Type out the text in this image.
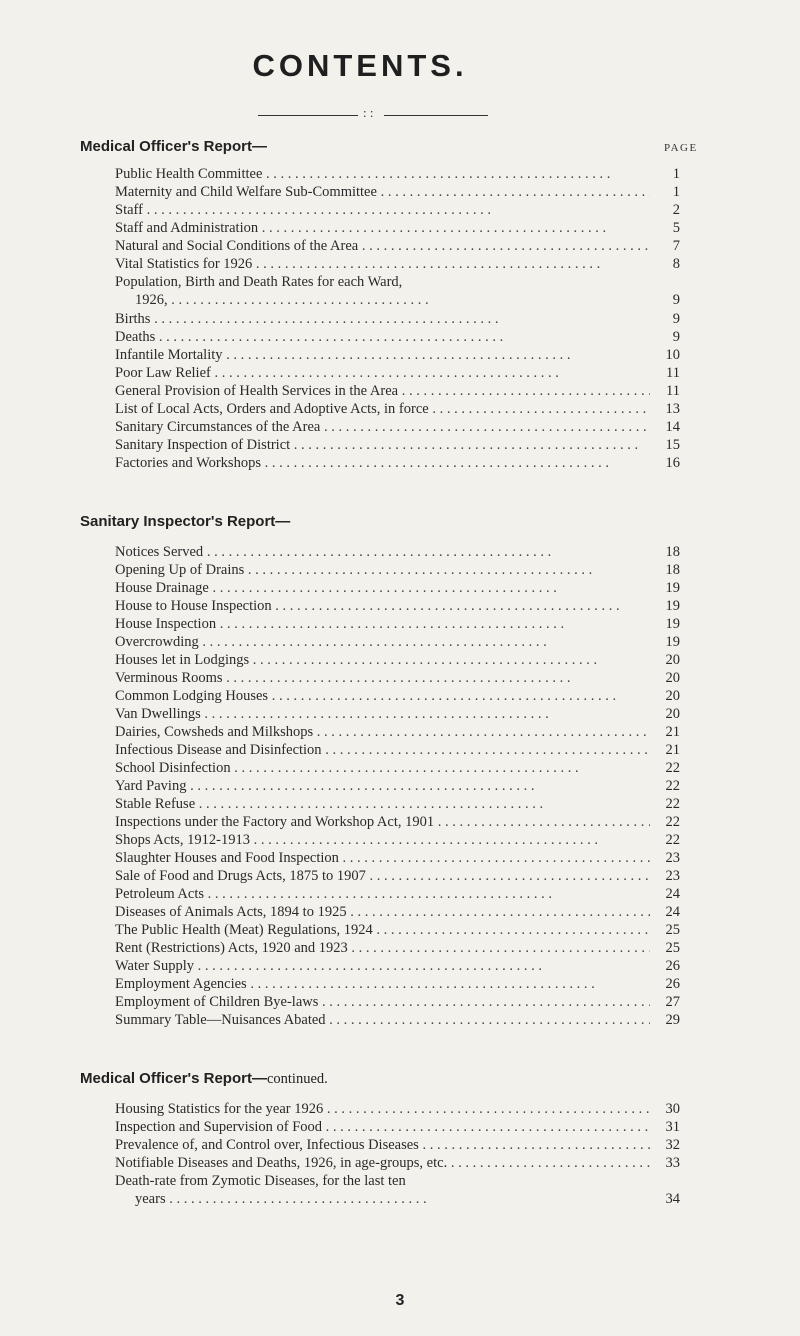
CONTENTS.
: :
PAGE
Medical Officer's Report—
Public Health Committee . . .	1
Maternity and Child Welfare Sub-Committee . . .	1
Staff . . .	2
Staff and Administration . . .	5
Natural and Social Conditions of the Area . . .	7
Vital Statistics for 1926 . . .	8
Population, Birth and Death Rates for each Ward,
1926, . . .	9
Births . . .	9
Deaths . . .	9
Infantile Mortality . . .	10
Poor Law Relief . . .	11
General Provision of Health Services in the Area . . .	11
List of Local Acts, Orders and Adoptive Acts, in force . . .	13
Sanitary Circumstances of the Area . . .	14
Sanitary Inspection of District . . .	15
Factories and Workshops . . .	16
Sanitary Inspector's Report—
Notices Served . . .	18
Opening Up of Drains . . .	18
House Drainage . . .	19
House to House Inspection . . .	19
House Inspection . . .	19
Overcrowding . . .	19
Houses let in Lodgings . . .	20
Verminous Rooms . . .	20
Common Lodging Houses . . .	20
Van Dwellings . . .	20
Dairies, Cowsheds and Milkshops . . .	21
Infectious Disease and Disinfection . . .	21
School Disinfection . . .	22
Yard Paving . . .	22
Stable Refuse . . .	22
Inspections under the Factory and Workshop Act, 1901 . . .	22
Shops Acts, 1912-1913 . . .	22
Slaughter Houses and Food Inspection . . .	23
Sale of Food and Drugs Acts, 1875 to 1907 . . .	23
Petroleum Acts . . .	24
Diseases of Animals Acts, 1894 to 1925 . . .	24
The Public Health (Meat) Regulations, 1924 . . .	25
Rent (Restrictions) Acts, 1920 and 1923 . . .	25
Water Supply . . .	26
Employment Agencies . . .	26
Employment of Children Bye-laws . . .	27
Summary Table—Nuisances Abated . . .	29
Medical Officer's Report—continued.
Housing Statistics for the year 1926 . . .	30
Inspection and Supervision of Food . . .	31
Prevalence of, and Control over, Infectious Diseases . . .	32
Notifiable Diseases and Deaths, 1926, in age-groups, etc. . . .	33
Death-rate from Zymotic Diseases, for the last ten
years . . .	34
3
